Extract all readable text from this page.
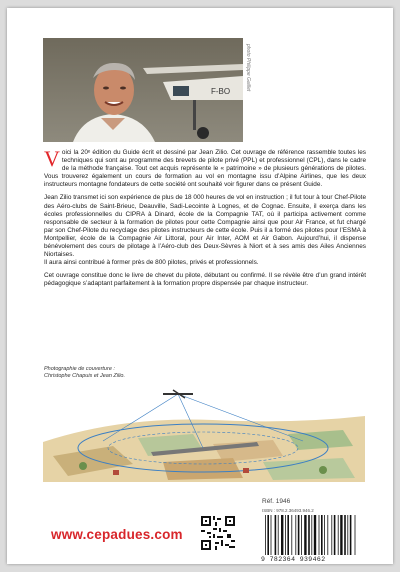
F-BO
photo Philippe Gaillet

Voici la 20ᵉ édition du Guide écrit et dessiné par Jean Zilio. Cet ouvrage de référence rassemble toutes les techniques qui sont au programme des brevets de pilote privé (PPL) et professionnel (CPL), dans le cadre de la méthode française. Tout cet acquis représente le « patrimoine » de plusieurs générations de pilotes. Vous trouverez également un cours de formation au vol en montagne issu d’Alpine Airlines, que les deux instructeurs montagne fondateurs de cette société ont souhaité voir figurer dans ce présent Guide.

Jean Zilio transmet ici son expérience de plus de 18 000 heures de vol en instruction ; il fut tour à tour Chef-Pilote des Aéro-clubs de Saint-Brieuc, Deauville, Sadi-Lecointe à Lognes, et de Cognac. Ensuite, il exerça dans les écoles professionnelles du CIPRA à Dinard, école de la Compagnie TAT, où il participa activement comme responsable de secteur à la formation de pilotes pour cette Compagnie ainsi que pour Air France, et fut chargé par son Chef-Pilote du recyclage des pilotes instructeurs de cette école. Puis il a formé des pilotes pour l’ESMA à Montpellier, école de la Compagnie Air Littoral, pour Air Inter, AOM et Air Gabon. Aujourd’hui, il dispense bénévolement des cours de pilotage à l’Aéro-club des Deux-Sèvres à Niort et à ses amis des Ailes Anciennes Niortaises.
Il aura ainsi contribué à former près de 800 pilotes, privés et professionnels.

Cet ouvrage constitue donc le livre de chevet du pilote, débutant ou confirmé. Il se révèle être d’un grand intérêt pédagogique s’adaptant parfaitement à la formation propre dispensée par chaque instructeur.

Photographie de couverture :
Christophe Chapuis et Jean Zilio.
Réf. 1946
ISBN : 978.2.36493.946.2
9 782364 939462
www.cepadues.com
